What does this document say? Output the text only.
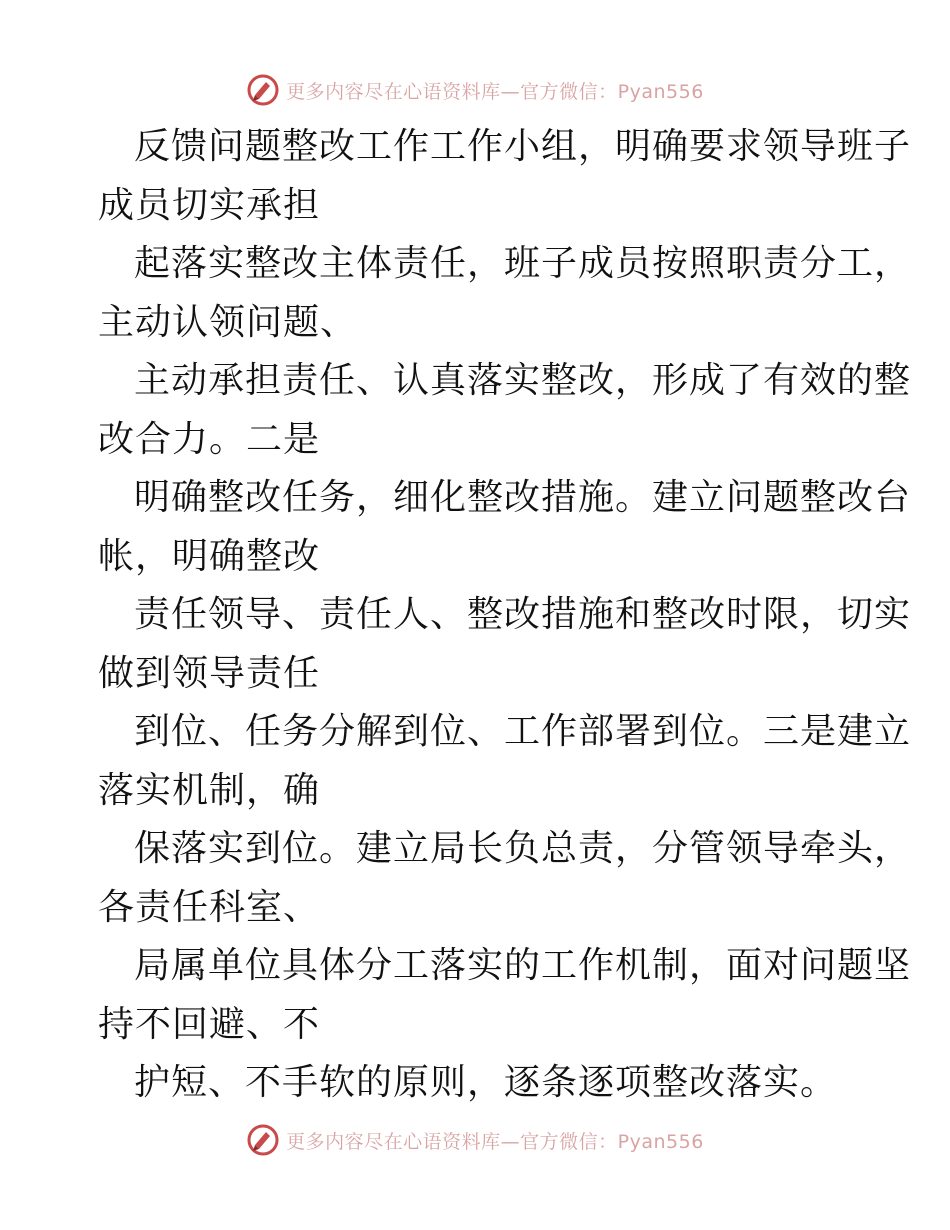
更多内容尽在心语资料库—官方微信：Pyan556
反馈问题整改工作工作小组，明确要求领导班子
成员切实承担
起落实整改主体责任，班子成员按照职责分工，
主动认领问题、
主动承担责任、认真落实整改，形成了有效的整
改合力。二是
明确整改任务，细化整改措施。建立问题整改台
帐，明确整改
责任领导、责任人、整改措施和整改时限，切实
做到领导责任
到位、任务分解到位、工作部署到位。三是建立
落实机制，确
保落实到位。建立局长负总责，分管领导牵头，
各责任科室、
局属单位具体分工落实的工作机制，面对问题坚
持不回避、不
护短、不手软的原则，逐条逐项整改落实。
更多内容尽在心语资料库—官方微信：Pyan556
